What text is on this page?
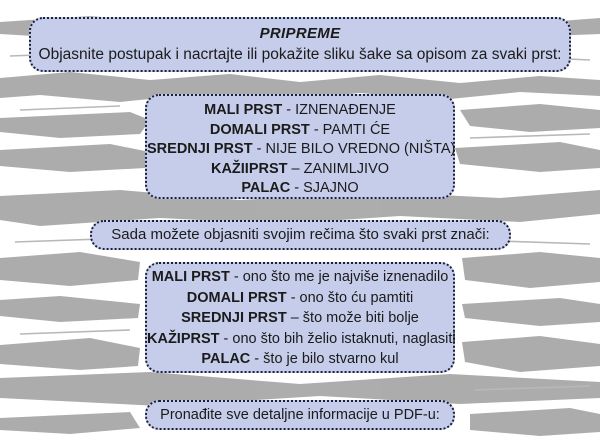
PRIPREME
Objasnite postupak i nacrtajte ili pokažite sliku šake sa opisom za svaki prst:
MALI PRST - IZNENAĐENJE
DOMALI PRST - PAMTI ĆE
SREDNJI PRST - NIJE BILO VREDNO (NIŠTA)
KAŽIIPRST – ZANIMLJIVO
PALAC - SJAJNO
Sada možete objasniti svojim rečima što svaki prst znači:
MALI PRST - ono što me je najviše iznenadilo
DOMALI PRST - ono što ću pamtiti
SREDNJI PRST – što može biti bolje
KAŽIPRST - ono što bih želio istaknuti, naglasiti
PALAC - što je bilo stvarno kul
Pronađite sve detaljne informacije u PDF-u:
